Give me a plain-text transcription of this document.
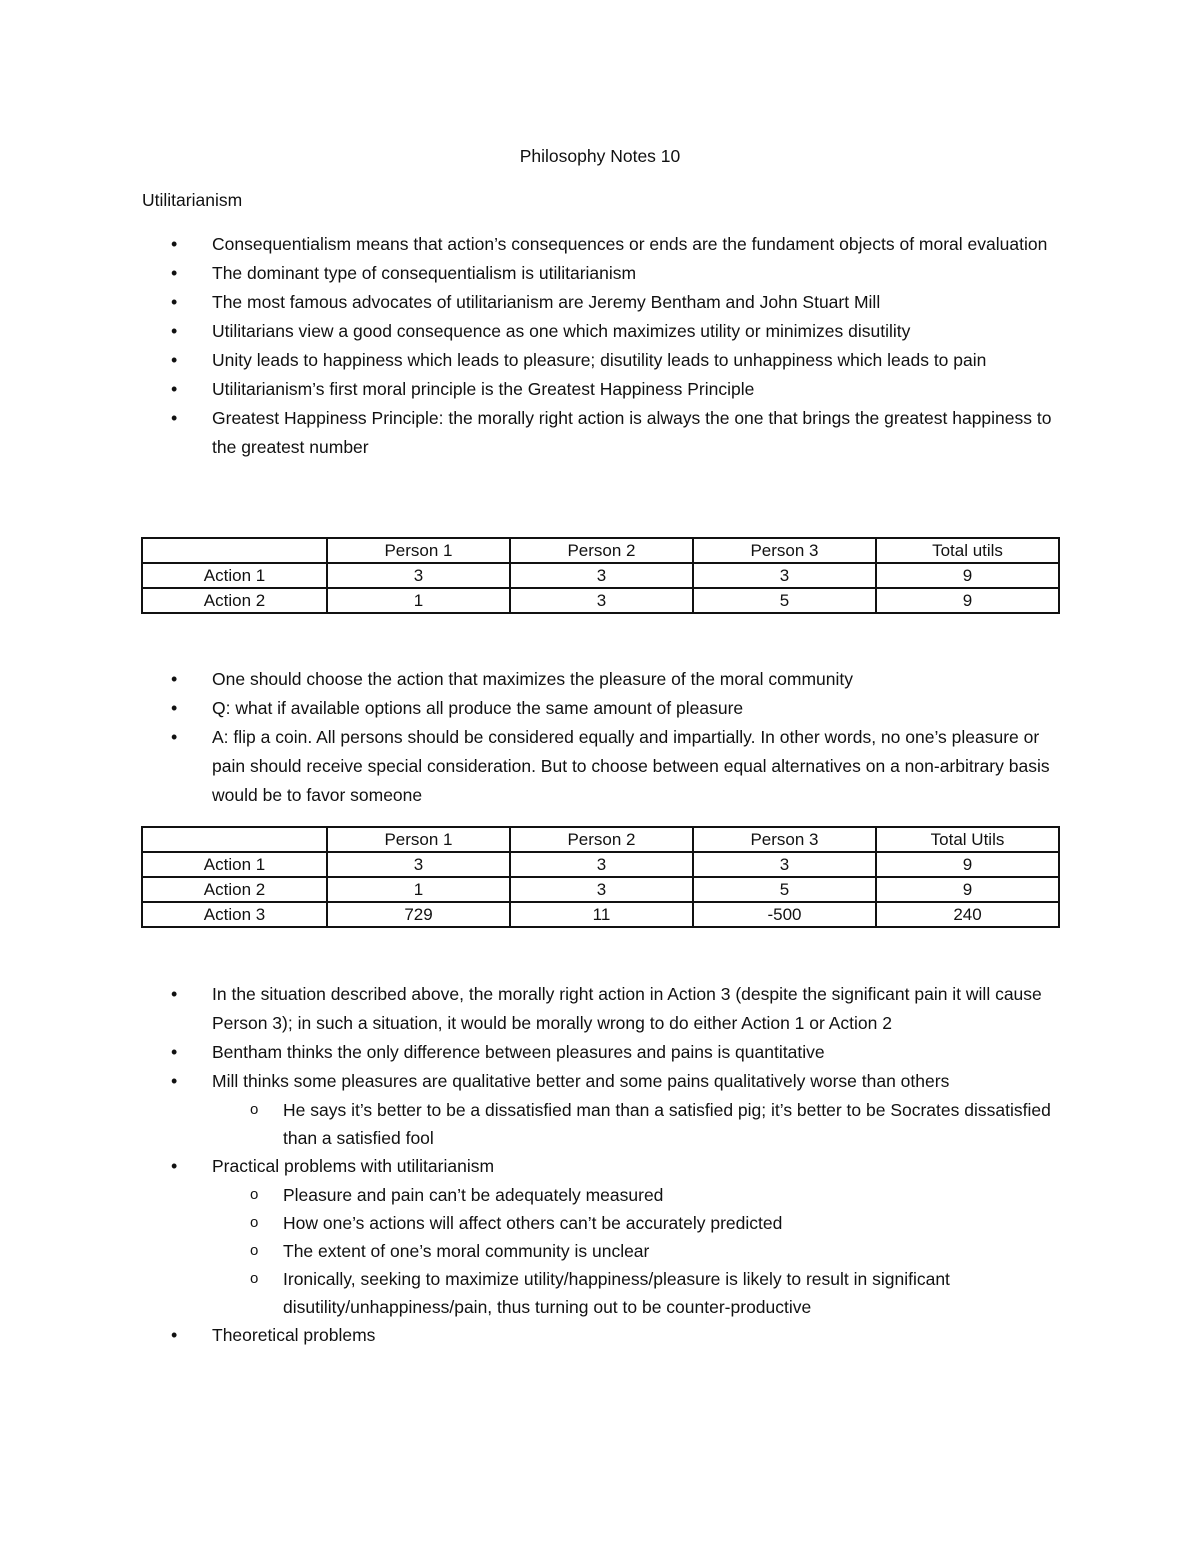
Philosophy Notes 10
Utilitarianism
• Consequentialism means that action’s consequences or ends are the fundament objects of moral evaluation
• The dominant type of consequentialism is utilitarianism
• The most famous advocates of utilitarianism are Jeremy Bentham and John Stuart Mill
• Utilitarians view a good consequence as one which maximizes utility or minimizes disutility
• Unity leads to happiness which leads to pleasure; disutility leads to unhappiness which leads to pain
• Utilitarianism’s first moral principle is the Greatest Happiness Principle
• Greatest Happiness Principle: the morally right action is always the one that brings the greatest happiness to the greatest number
	Person 1	Person 2	Person 3	Total utils
Action 1	3	3	3	9
Action 2	1	3	5	9
• One should choose the action that maximizes the pleasure of the moral community
• Q: what if available options all produce the same amount of pleasure
• A: flip a coin. All persons should be considered equally and impartially. In other words, no one’s pleasure or pain should receive special consideration. But to choose between equal alternatives on a non-arbitrary basis would be to favor someone
	Person 1	Person 2	Person 3	Total Utils
Action 1	3	3	3	9
Action 2	1	3	5	9
Action 3	729	11	-500	240
• In the situation described above, the morally right action in Action 3 (despite the significant pain it will cause Person 3); in such a situation, it would be morally wrong to do either Action 1 or Action 2
• Bentham thinks the only difference between pleasures and pains is quantitative
• Mill thinks some pleasures are qualitative better and some pains qualitatively worse than others
o He says it’s better to be a dissatisfied man than a satisfied pig; it’s better to be Socrates dissatisfied than a satisfied fool
• Practical problems with utilitarianism
o Pleasure and pain can’t be adequately measured
o How one’s actions will affect others can’t be accurately predicted
o The extent of one’s moral community is unclear
o Ironically, seeking to maximize utility/happiness/pleasure is likely to result in significant disutility/unhappiness/pain, thus turning out to be counter-productive
• Theoretical problems
